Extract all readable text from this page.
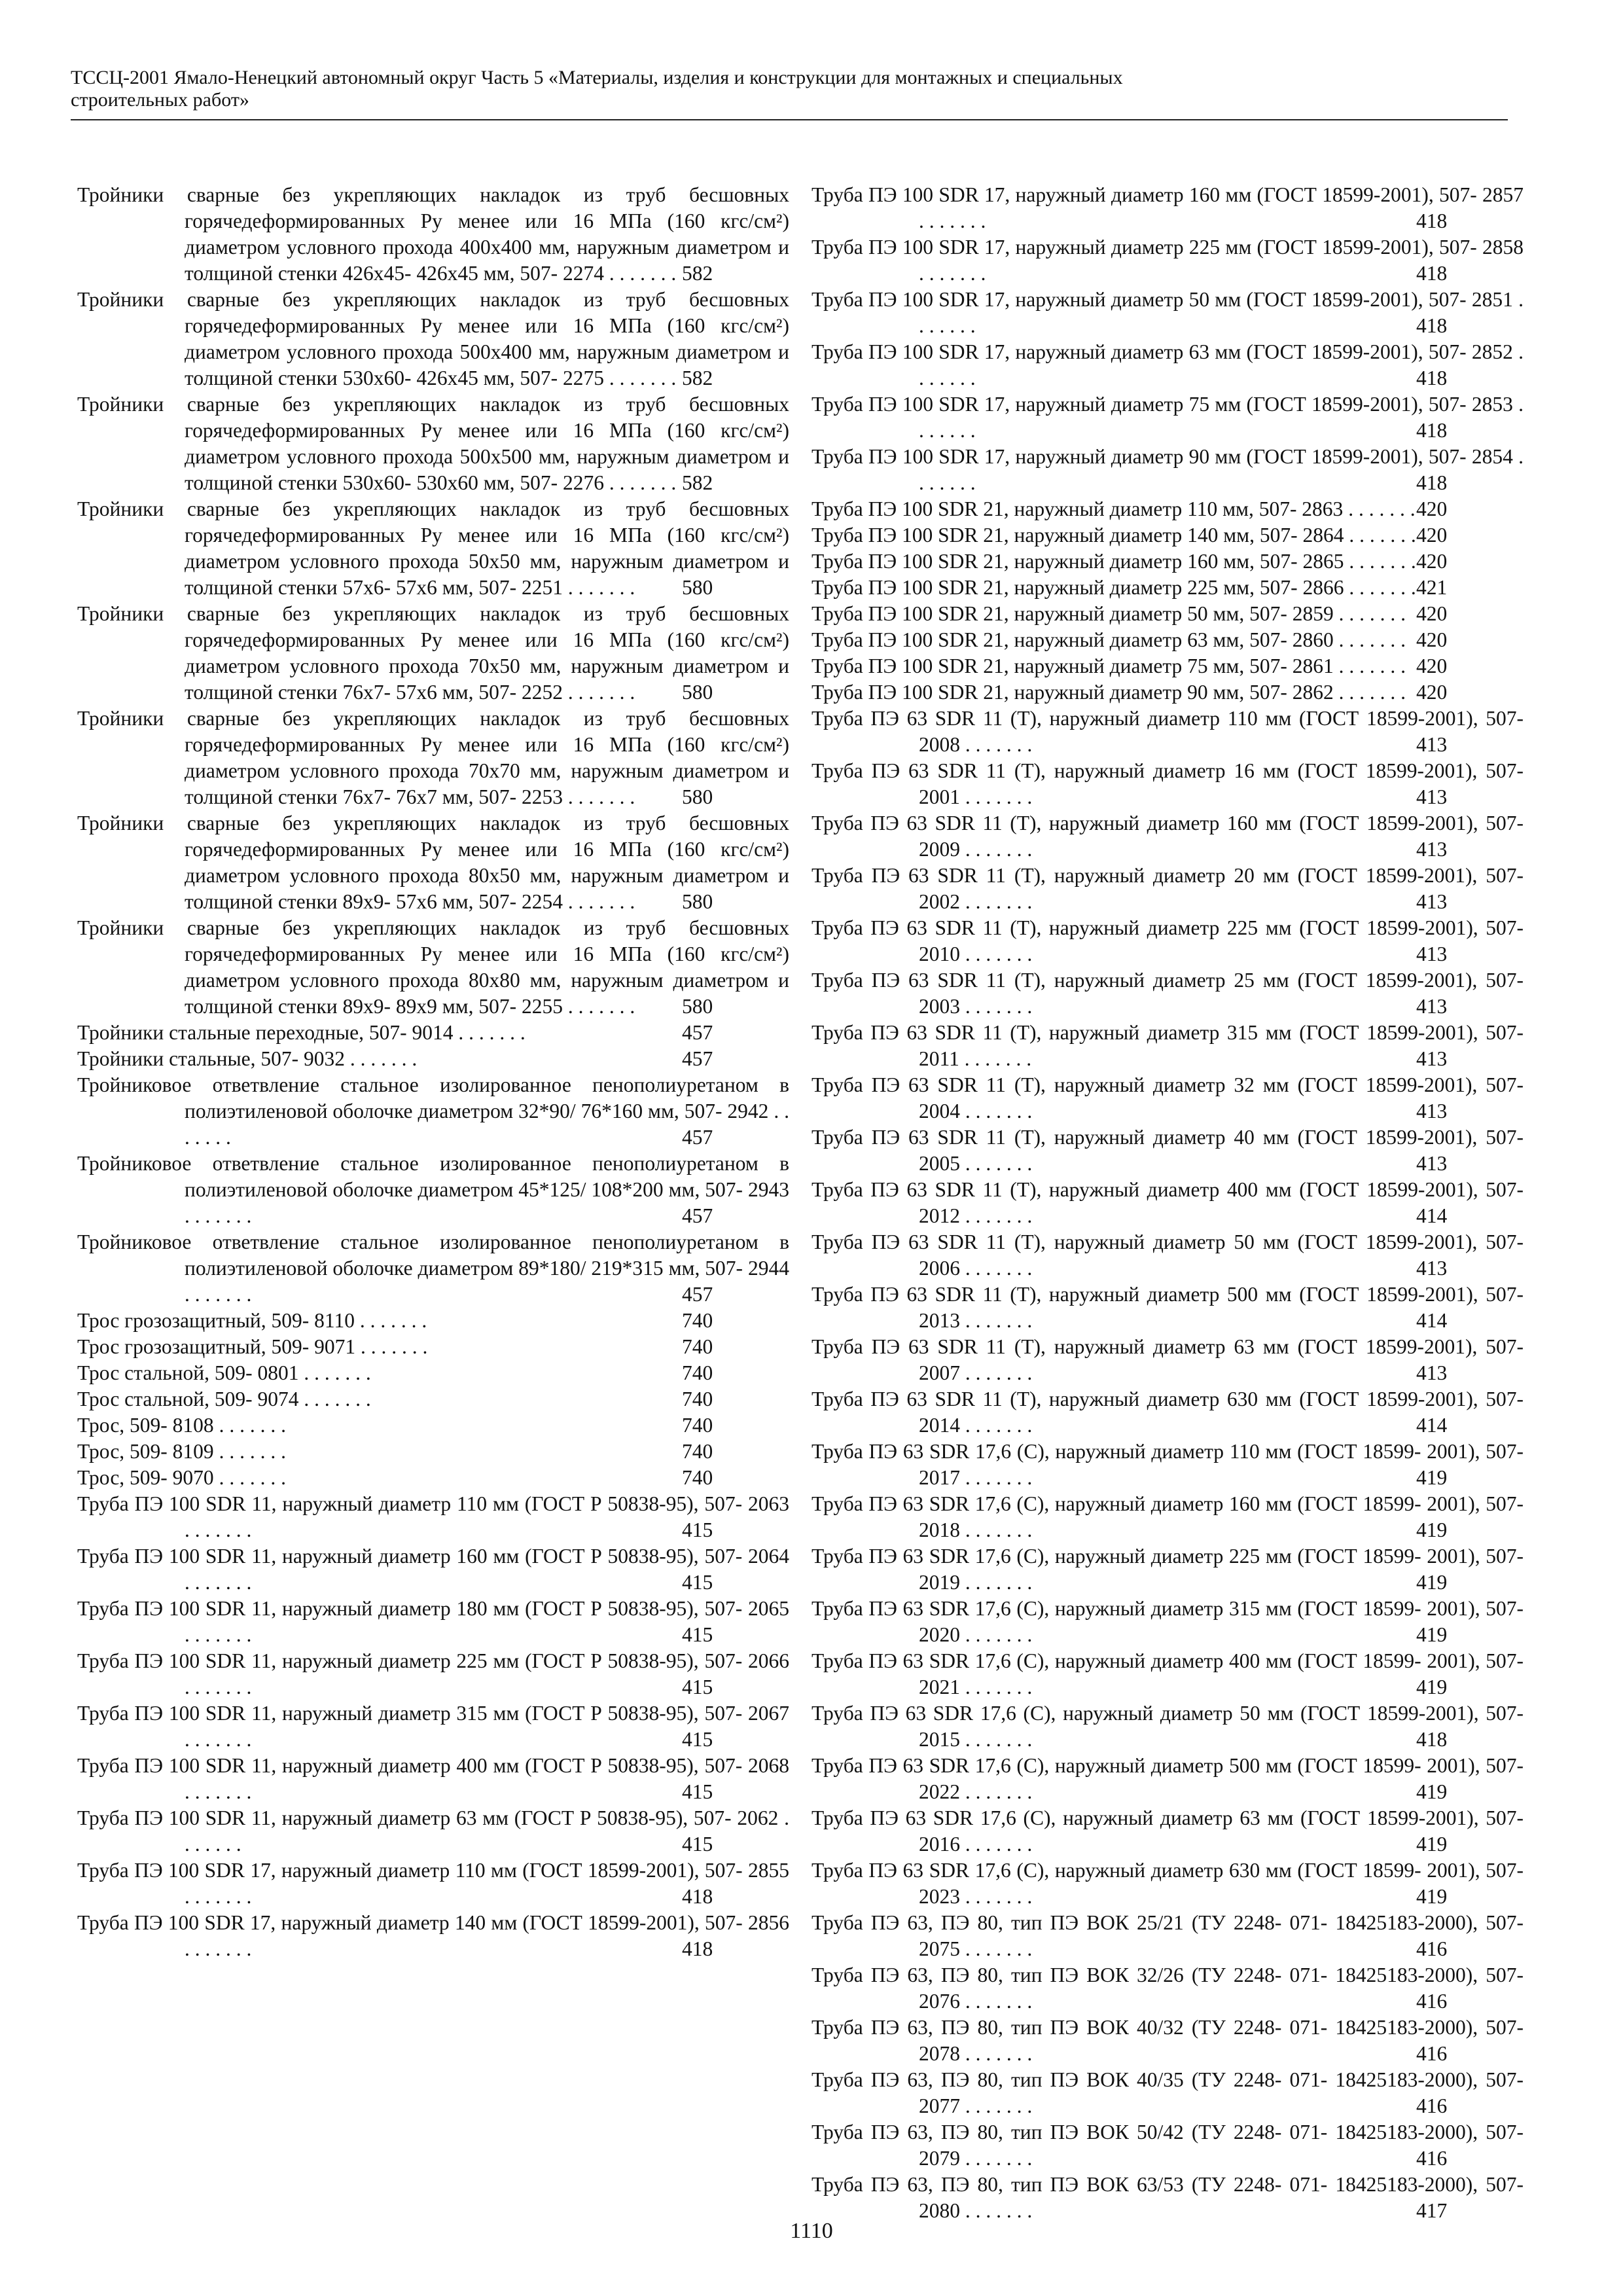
ТССЦ-2001 Ямало-Ненецкий автономный округ Часть 5 «Материалы, изделия и конструкции для монтажных и специальных
строительных работ»
Тройники сварные без укрепляющих накладок из труб бесшовных горячедеформированных Ру менее или 16 МПа (160 кгс/см²) диаметром условного прохода 400х400 мм, наружным диаметром и толщиной стенки 426х45- 426х45 мм, 507- 2274 . . . . . . . 582
Тройники сварные без укрепляющих накладок из труб бесшовных горячедеформированных Ру менее или 16 МПа (160 кгс/см²) диаметром условного прохода 500х400 мм, наружным диаметром и толщиной стенки 530х60- 426х45 мм, 507- 2275 . . . . . . . 582
Тройники сварные без укрепляющих накладок из труб бесшовных горячедеформированных Ру менее или 16 МПа (160 кгс/см²) диаметром условного прохода 500х500 мм, наружным диаметром и толщиной стенки 530х60- 530х60 мм, 507- 2276 . . . . . . . 582
Тройники сварные без укрепляющих накладок из труб бесшовных горячедеформированных Ру менее или 16 МПа (160 кгс/см²) диаметром условного прохода 50х50 мм, наружным диаметром и толщиной стенки 57х6- 57х6 мм, 507- 2251 . . . . . . . 580
Тройники сварные без укрепляющих накладок из труб бесшовных горячедеформированных Ру менее или 16 МПа (160 кгс/см²) диаметром условного прохода 70х50 мм, наружным диаметром и толщиной стенки 76х7- 57х6 мм, 507- 2252 . . . . . . . 580
Тройники сварные без укрепляющих накладок из труб бесшовных горячедеформированных Ру менее или 16 МПа (160 кгс/см²) диаметром условного прохода 70х70 мм, наружным диаметром и толщиной стенки 76х7- 76х7 мм, 507- 2253 . . . . . . . 580
Тройники сварные без укрепляющих накладок из труб бесшовных горячедеформированных Ру менее или 16 МПа (160 кгс/см²) диаметром условного прохода 80х50 мм, наружным диаметром и толщиной стенки 89х9- 57х6 мм, 507- 2254 . . . . . . . 580
Тройники сварные без укрепляющих накладок из труб бесшовных горячедеформированных Ру менее или 16 МПа (160 кгс/см²) диаметром условного прохода 80х80 мм, наружным диаметром и толщиной стенки 89х9- 89х9 мм, 507- 2255 . . . . . . . 580
Тройники стальные переходные, 507- 9014 . . . . . . .	457
Тройники стальные, 507- 9032 . . . . . . .	457
Тройниковое ответвление стальное изолированное пенополиуретаном в полиэтиленовой оболочке диаметром 32*90/ 76*160 мм, 507- 2942 . . . . . . .	457
Тройниковое ответвление стальное изолированное пенополиуретаном в полиэтиленовой оболочке диаметром 45*125/ 108*200 мм, 507- 2943 . . . . . . .	457
Тройниковое ответвление стальное изолированное пенополиуретаном в полиэтиленовой оболочке диаметром 89*180/ 219*315 мм, 507- 2944 . . . . . . .	457
Трос грозозащитный, 509- 8110 . . . . . . .	740
Трос грозозащитный, 509- 9071 . . . . . . .	740
Трос стальной, 509- 0801 . . . . . . .	740
Трос стальной, 509- 9074 . . . . . . .	740
Трос, 509- 8108 . . . . . . .	740
Трос, 509- 8109 . . . . . . .	740
Трос, 509- 9070 . . . . . . .	740
Труба ПЭ 100 SDR 11, наружный диаметр 110 мм (ГОСТ Р 50838-95), 507- 2063 . . . . . . .	415
Труба ПЭ 100 SDR 11, наружный диаметр 160 мм (ГОСТ Р 50838-95), 507- 2064 . . . . . . .	415
Труба ПЭ 100 SDR 11, наружный диаметр 180 мм (ГОСТ Р 50838-95), 507- 2065 . . . . . . .	415
Труба ПЭ 100 SDR 11, наружный диаметр 225 мм (ГОСТ Р 50838-95), 507- 2066 . . . . . . .	415
Труба ПЭ 100 SDR 11, наружный диаметр 315 мм (ГОСТ Р 50838-95), 507- 2067 . . . . . . .	415
Труба ПЭ 100 SDR 11, наружный диаметр 400 мм (ГОСТ Р 50838-95), 507- 2068 . . . . . . .	415
Труба ПЭ 100 SDR 11, наружный диаметр 63 мм (ГОСТ Р 50838-95), 507- 2062 . . . . . . .	415
Труба ПЭ 100 SDR 17, наружный диаметр 110 мм (ГОСТ 18599-2001), 507- 2855 . . . . . . .	418
Труба ПЭ 100 SDR 17, наружный диаметр 140 мм (ГОСТ 18599-2001), 507- 2856 . . . . . . .	418
Труба ПЭ 100 SDR 17, наружный диаметр 160 мм (ГОСТ 18599-2001), 507- 2857 . . . . . . .	418
Труба ПЭ 100 SDR 17, наружный диаметр 225 мм (ГОСТ 18599-2001), 507- 2858 . . . . . . .	418
Труба ПЭ 100 SDR 17, наружный диаметр 50 мм (ГОСТ 18599-2001), 507- 2851 . . . . . . .	418
Труба ПЭ 100 SDR 17, наружный диаметр 63 мм (ГОСТ 18599-2001), 507- 2852 . . . . . . .	418
Труба ПЭ 100 SDR 17, наружный диаметр 75 мм (ГОСТ 18599-2001), 507- 2853 . . . . . . .	418
Труба ПЭ 100 SDR 17, наружный диаметр 90 мм (ГОСТ 18599-2001), 507- 2854 . . . . . . .	418
Труба ПЭ 100 SDR 21, наружный диаметр 110 мм, 507- 2863 . . . . . . . 420
Труба ПЭ 100 SDR 21, наружный диаметр 140 мм, 507- 2864 . . . . . . . 420
Труба ПЭ 100 SDR 21, наружный диаметр 160 мм, 507- 2865 . . . . . . . 420
Труба ПЭ 100 SDR 21, наружный диаметр 225 мм, 507- 2866 . . . . . . . 421
Труба ПЭ 100 SDR 21, наружный диаметр 50 мм, 507- 2859 . . . . . . . 420
Труба ПЭ 100 SDR 21, наружный диаметр 63 мм, 507- 2860 . . . . . . . 420
Труба ПЭ 100 SDR 21, наружный диаметр 75 мм, 507- 2861 . . . . . . . 420
Труба ПЭ 100 SDR 21, наружный диаметр 90 мм, 507- 2862 . . . . . . . 420
Труба ПЭ 63 SDR 11 (Т), наружный диаметр 110 мм (ГОСТ 18599-2001), 507- 2008 . . . . . . .	413
Труба ПЭ 63 SDR 11 (Т), наружный диаметр 16 мм (ГОСТ 18599-2001), 507- 2001 . . . . . . .	413
Труба ПЭ 63 SDR 11 (Т), наружный диаметр 160 мм (ГОСТ 18599-2001), 507- 2009 . . . . . . .	413
Труба ПЭ 63 SDR 11 (Т), наружный диаметр 20 мм (ГОСТ 18599-2001), 507- 2002 . . . . . . .	413
Труба ПЭ 63 SDR 11 (Т), наружный диаметр 225 мм (ГОСТ 18599-2001), 507- 2010 . . . . . . .	413
Труба ПЭ 63 SDR 11 (Т), наружный диаметр 25 мм (ГОСТ 18599-2001), 507- 2003 . . . . . . .	413
Труба ПЭ 63 SDR 11 (Т), наружный диаметр 315 мм (ГОСТ 18599-2001), 507- 2011 . . . . . . .	413
Труба ПЭ 63 SDR 11 (Т), наружный диаметр 32 мм (ГОСТ 18599-2001), 507- 2004 . . . . . . .	413
Труба ПЭ 63 SDR 11 (Т), наружный диаметр 40 мм (ГОСТ 18599-2001), 507- 2005 . . . . . . .	413
Труба ПЭ 63 SDR 11 (Т), наружный диаметр 400 мм (ГОСТ 18599-2001), 507- 2012 . . . . . . .	414
Труба ПЭ 63 SDR 11 (Т), наружный диаметр 50 мм (ГОСТ 18599-2001), 507- 2006 . . . . . . .	413
Труба ПЭ 63 SDR 11 (Т), наружный диаметр 500 мм (ГОСТ 18599-2001), 507- 2013 . . . . . . .	414
Труба ПЭ 63 SDR 11 (Т), наружный диаметр 63 мм (ГОСТ 18599-2001), 507- 2007 . . . . . . .	413
Труба ПЭ 63 SDR 11 (Т), наружный диаметр 630 мм (ГОСТ 18599-2001), 507- 2014 . . . . . . .	414
Труба ПЭ 63 SDR 17,6 (С), наружный диаметр 110 мм (ГОСТ 18599- 2001), 507- 2017 . . . . . . .	419
Труба ПЭ 63 SDR 17,6 (С), наружный диаметр 160 мм (ГОСТ 18599- 2001), 507- 2018 . . . . . . .	419
Труба ПЭ 63 SDR 17,6 (С), наружный диаметр 225 мм (ГОСТ 18599- 2001), 507- 2019 . . . . . . .	419
Труба ПЭ 63 SDR 17,6 (С), наружный диаметр 315 мм (ГОСТ 18599- 2001), 507- 2020 . . . . . . .	419
Труба ПЭ 63 SDR 17,6 (С), наружный диаметр 400 мм (ГОСТ 18599- 2001), 507- 2021 . . . . . . .	419
Труба ПЭ 63 SDR 17,6 (С), наружный диаметр 50 мм (ГОСТ 18599-2001), 507- 2015 . . . . . . .	418
Труба ПЭ 63 SDR 17,6 (С), наружный диаметр 500 мм (ГОСТ 18599- 2001), 507- 2022 . . . . . . .	419
Труба ПЭ 63 SDR 17,6 (С), наружный диаметр 63 мм (ГОСТ 18599-2001), 507- 2016 . . . . . . .	419
Труба ПЭ 63 SDR 17,6 (С), наружный диаметр 630 мм (ГОСТ 18599- 2001), 507- 2023 . . . . . . .	419
Труба ПЭ 63, ПЭ 80, тип ПЭ ВОК 25/21 (ТУ 2248- 071- 18425183-2000), 507- 2075 . . . . . . .	416
Труба ПЭ 63, ПЭ 80, тип ПЭ ВОК 32/26 (ТУ 2248- 071- 18425183-2000), 507- 2076 . . . . . . .	416
Труба ПЭ 63, ПЭ 80, тип ПЭ ВОК 40/32 (ТУ 2248- 071- 18425183-2000), 507- 2078 . . . . . . .	416
Труба ПЭ 63, ПЭ 80, тип ПЭ ВОК 40/35 (ТУ 2248- 071- 18425183-2000), 507- 2077 . . . . . . .	416
Труба ПЭ 63, ПЭ 80, тип ПЭ ВОК 50/42 (ТУ 2248- 071- 18425183-2000), 507- 2079 . . . . . . .	416
Труба ПЭ 63, ПЭ 80, тип ПЭ ВОК 63/53 (ТУ 2248- 071- 18425183-2000), 507- 2080 . . . . . . .	417
1110
